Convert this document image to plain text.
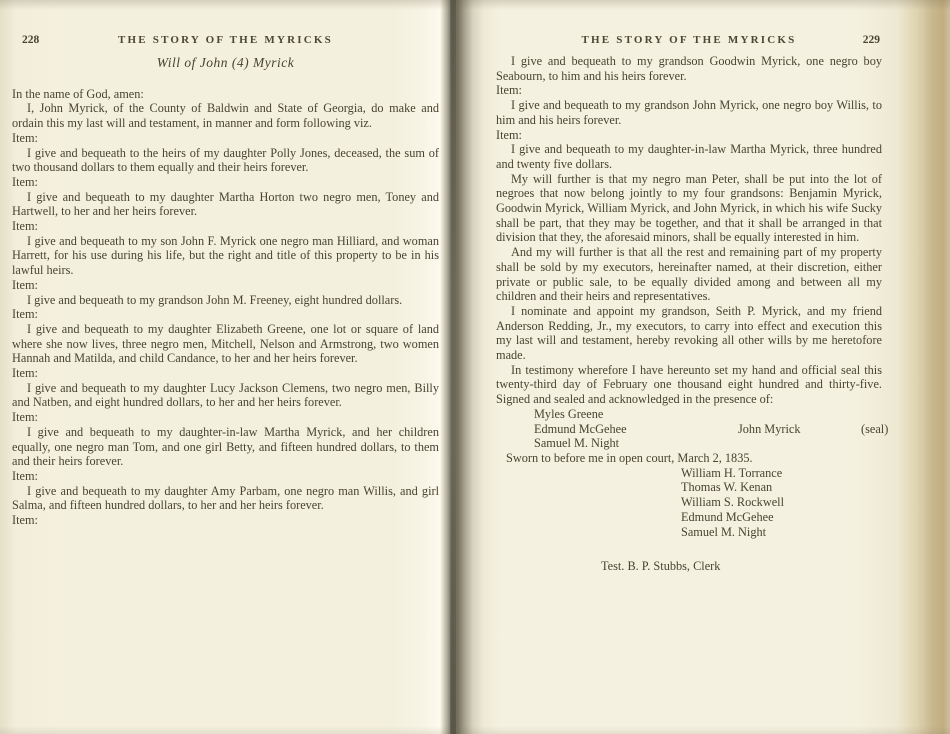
228	THE STORY OF THE MYRICKS
Will of John (4) Myrick

In the name of God, amen:

I, John Myrick, of the County of Baldwin and State of Georgia, do make and ordain this my last will and testament, in manner and form following viz.

Item:

I give and bequeath to the heirs of my daughter Polly Jones, deceased, the sum of two thousand dollars to them equally and their heirs forever.

Item:

I give and bequeath to my daughter Martha Horton two negro men, Toney and Hartwell, to her and her heirs forever.

Item:

I give and bequeath to my son John F. Myrick one negro man Hilliard, and woman Harrett, for his use during his life, but the right and title of this property to be in his lawful heirs.

Item:

I give and bequeath to my grandson John M. Freeney, eight hundred dollars.

Item:

I give and bequeath to my daughter Elizabeth Greene, one lot or square of land where she now lives, three negro men, Mitchell, Nelson and Armstrong, two women Hannah and Matilda, and child Candance, to her and her heirs forever.

Item:

I give and bequeath to my daughter Lucy Jackson Clemens, two negro men, Billy and Natben, and eight hundred dollars, to her and her heirs forever.

Item:

I give and bequeath to my daughter-in-law Martha Myrick, and her children equally, one negro man Tom, and one girl Betty, and fifteen hundred dollars, to them and their heirs forever.

Item:

I give and bequeath to my daughter Amy Parbam, one negro man Willis, and girl Salma, and fifteen hundred dollars, to her and her heirs forever.

Item:

229
THE STORY OF THE MYRICKS

I give and bequeath to my grandson Goodwin Myrick, one negro boy Seabourn, to him and his heirs forever.

Item:

I give and bequeath to my grandson John Myrick, one negro boy Willis, to him and his heirs forever.

Item:

I give and bequeath to my daughter-in-law Martha Myrick, three hundred and twenty five dollars.

My will further is that my negro man Peter, shall be put into the lot of negroes that now belong jointly to my four grandsons: Benjamin Myrick, Goodwin Myrick, William Myrick, and John Myrick, in which his wife Sucky shall be part, that they may be together, and that it shall be arranged in that division that they, the aforesaid minors, shall be equally interested in him.

And my will further is that all the rest and remaining part of my property shall be sold by my executors, hereinafter named, at their discretion, either private or public sale, to be equally divided among and between all my children and their heirs and representatives.

I nominate and appoint my grandson, Seith P. Myrick, and my friend Anderson Redding, Jr., my executors, to carry into effect and execution this my last will and testament, hereby revoking all other wills by me heretofore made.

In testimony wherefore I have hereunto set my hand and official seal this twenty-third day of February one thousand eight hundred and thirty-five. Signed and sealed and acknowledged in the presence of:

Myles Greene

Edmund McGehee	John Myrick	(seal)

Samuel M. Night

Sworn to before me in open court, March 2, 1835.

William H. Torrance

Thomas W. Kenan

William S. Rockwell

Edmund McGehee

Samuel M. Night

Test. B. P. Stubbs, Clerk
